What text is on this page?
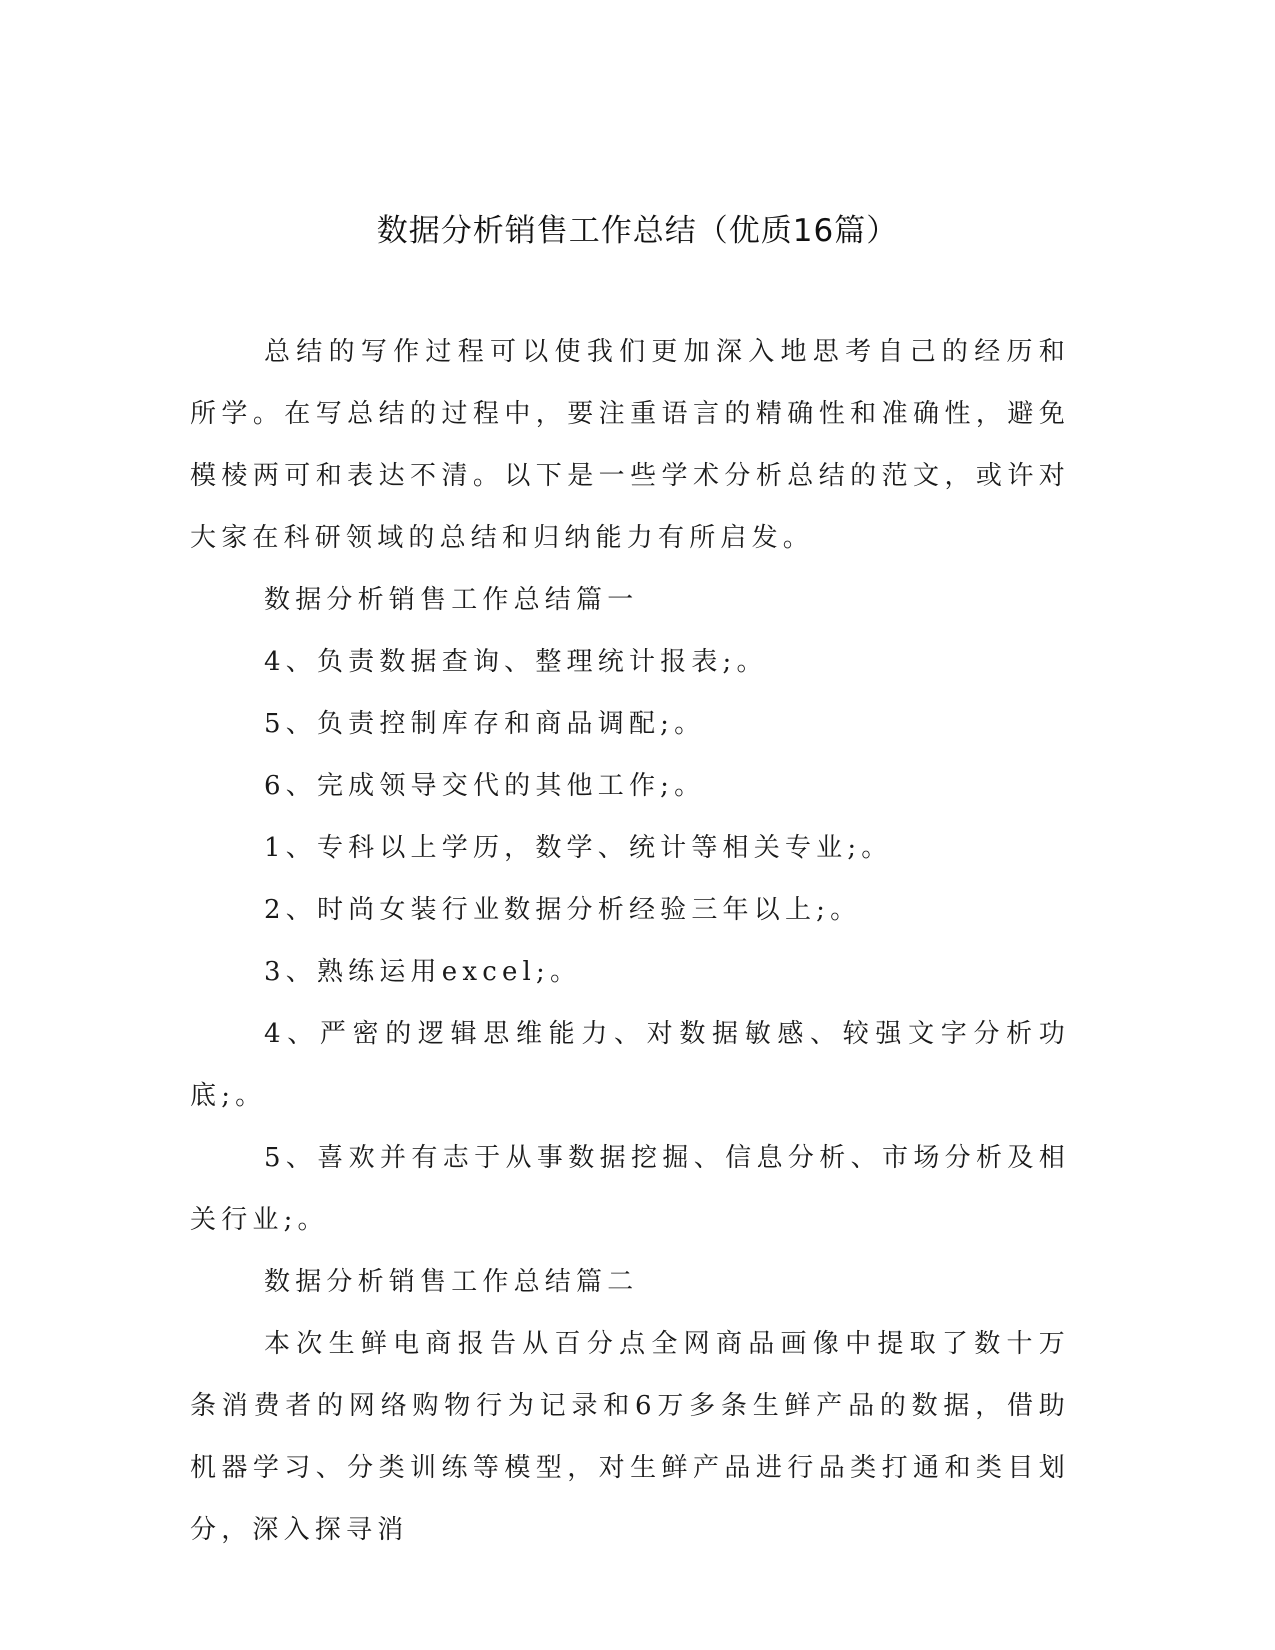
数据分析销售工作总结（优质16篇）

总结的写作过程可以使我们更加深入地思考自己的经历和所学。在写总结的过程中，要注重语言的精确性和准确性，避免模棱两可和表达不清。以下是一些学术分析总结的范文，或许对大家在科研领域的总结和归纳能力有所启发。

数据分析销售工作总结篇一

4、负责数据查询、整理统计报表;。

5、负责控制库存和商品调配;。

6、完成领导交代的其他工作;。

1、专科以上学历，数学、统计等相关专业;。

2、时尚女装行业数据分析经验三年以上;。

3、熟练运用excel;。

4、严密的逻辑思维能力、对数据敏感、较强文字分析功底;。

5、喜欢并有志于从事数据挖掘、信息分析、市场分析及相关行业;。

数据分析销售工作总结篇二

本次生鲜电商报告从百分点全网商品画像中提取了数十万条消费者的网络购物行为记录和6万多条生鲜产品的数据，借助机器学习、分类训练等模型，对生鲜产品进行品类打通和类目划分，深入探寻消
